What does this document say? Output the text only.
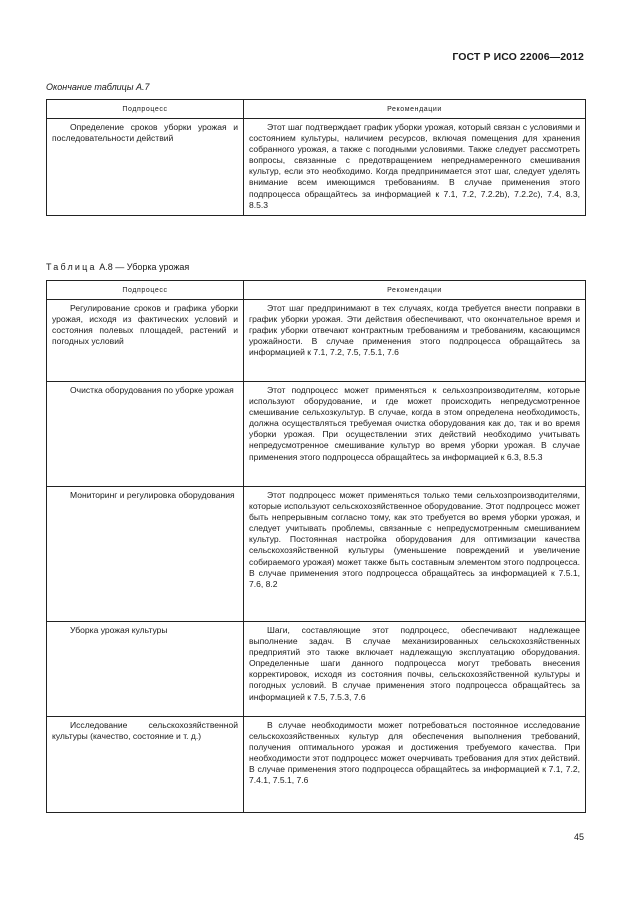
ГОСТ Р ИСО 22006—2012
Окончание таблицы А.7
Подпроцесс	Рекомендации
Определение сроков уборки урожая и последовательности действий	Этот шаг подтверждает график уборки урожая, который связан с условиями и состоянием культуры, наличием ресурсов, включая помещения для хранения собранного урожая, а также с погодными условиями. Также следует рассмотреть вопросы, связанные с предотвращением непреднамеренного смешивания культур, если это необходимо. Когда предпринимается этот шаг, следует уделять внимание всем имеющимся требованиям. В случае применения этого подпроцесса обращайтесь за информацией к 7.1, 7.2, 7.2.2b), 7.2.2c), 7.4, 8.3, 8.5.3
Таблица А.8 — Уборка урожая
Подпроцесс	Рекомендации
Регулирование сроков и графика уборки урожая, исходя из фактических условий и состояния полевых площадей, растений и погодных условий	Этот шаг предпринимают в тех случаях, когда требуется внести поправки в график уборки урожая. Эти действия обеспечивают, что окончательное время и график уборки отвечают контрактным требованиям и требованиям, касающимся урожайности. В случае применения этого подпроцесса обращайтесь за информацией к 7.1, 7.2, 7.5, 7.5.1, 7.6
Очистка оборудования по уборке урожая	Этот подпроцесс может применяться к сельхозпроизводителям, которые используют оборудование, и где может происходить непредусмотренное смешивание сельхозкультур. В случае, когда в этом определена необходимость, должна осуществляться требуемая очистка оборудования как до, так и во время уборки урожая. При осуществлении этих действий необходимо учитывать непредусмотренное смешивание культур во время уборки урожая. В случае применения этого подпроцесса обращайтесь за информацией к 6.3, 8.5.3
Мониторинг и регулировка оборудования	Этот подпроцесс может применяться только теми сельхозпроизводителями, которые используют сельскохозяйственное оборудование. Этот подпроцесс может быть непрерывным согласно тому, как это требуется во время уборки урожая, и следует учитывать проблемы, связанные с непредусмотренным смешиванием культур. Постоянная настройка оборудования для оптимизации качества сельскохозяйственной культуры (уменьшение повреждений и увеличение собираемого урожая) может также быть составным элементом этого подпроцесса. В случае применения этого подпроцесса обращайтесь за информацией к 7.5.1, 7.6, 8.2
Уборка урожая культуры	Шаги, составляющие этот подпроцесс, обеспечивают надлежащее выполнение задач. В случае механизированных сельскохозяйственных предприятий это также включает надлежащую эксплуатацию оборудования. Определенные шаги данного подпроцесса могут требовать внесения корректировок, исходя из состояния почвы, сельскохозяйственной культуры и погодных условий. В случае применения этого подпроцесса обращайтесь за информацией к 7.5, 7.5.3, 7.6
Исследование сельскохозяйственной культуры (качество, состояние и т. д.)	В случае необходимости может потребоваться постоянное исследование сельскохозяйственных культур для обеспечения выполнения требований, получения оптимального урожая и достижения требуемого качества. При необходимости этот подпроцесс может очерчивать требования для этих действий. В случае применения этого подпроцесса обращайтесь за информацией к 7.1, 7.2, 7.4.1, 7.5.1, 7.6
45
